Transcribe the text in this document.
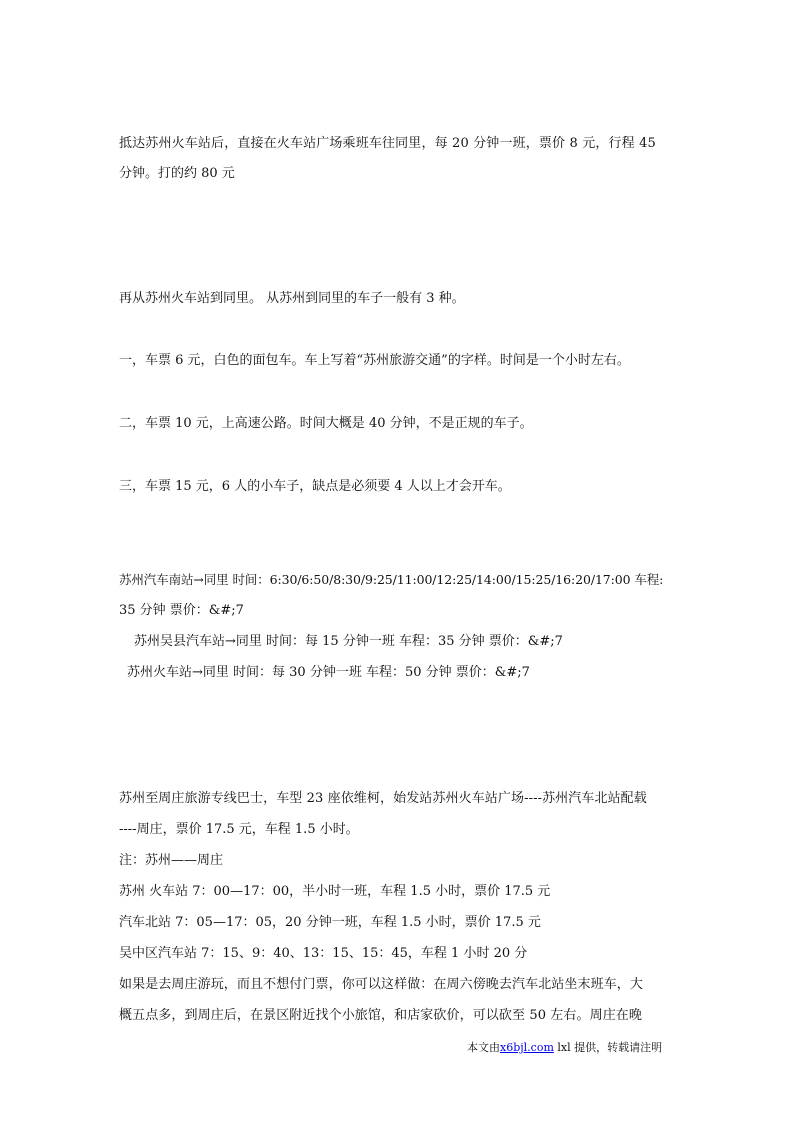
抵达苏州火车站后，直接在火车站广场乘班车往同里，每 20 分钟一班，票价 8 元，行程 45
分钟。打的约 80 元
再从苏州火车站到同里。 从苏州到同里的车子一般有 3 种。
一，车票 6 元，白色的面包车。车上写着“苏州旅游交通”的字样。时间是一个小时左右。
二，车票 10 元，上高速公路。时间大概是 40 分钟，不是正规的车子。
三，车票 15 元，6 人的小车子，缺点是必须要 4 人以上才会开车。
苏州汽车南站→同里 时间：6:30/6:50/8:30/9:25/11:00/12:25/14:00/15:25/16:20/17:00 车程:
35 分钟 票价：&#;7
苏州吴县汽车站→同里 时间：每 15 分钟一班 车程：35 分钟 票价：&#;7
苏州火车站→同里 时间：每 30 分钟一班 车程：50 分钟 票价：&#;7
苏州至周庄旅游专线巴士，车型 23 座依维柯，始发站苏州火车站广场----苏州汽车北站配载
----周庄，票价 17.5 元，车程 1.5 小时。
注：苏州——周庄
苏州 火车站 7：00—17：00，半小时一班，车程 1.5 小时，票价 17.5 元
汽车北站 7：05—17：05，20 分钟一班，车程 1.5 小时，票价 17.5 元
吴中区汽车站 7：15、9：40、13：15、15：45，车程 1 小时 20 分
如果是去周庄游玩，而且不想付门票，你可以这样做：在周六傍晚去汽车北站坐末班车，大
概五点多，到周庄后，在景区附近找个小旅馆，和店家砍价，可以砍至 50 左右。周庄在晚
本文由x6bjl.com lxl 提供，转载请注明
